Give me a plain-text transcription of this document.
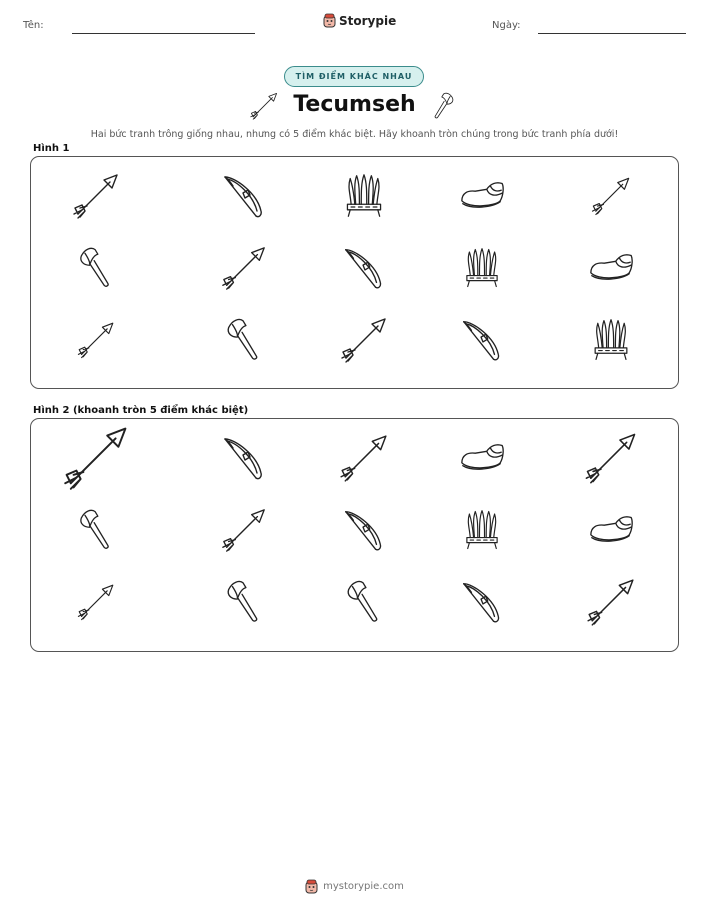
Tên:	Storypie	Ngày:
TÌM ĐIỂM KHÁC NHAU
Tecumseh
Hai bức tranh trông giống nhau, nhưng có 5 điểm khác biệt. Hãy khoanh tròn chúng trong bức tranh phía dưới!
Hình 1
Hình 2 (khoanh tròn 5 điểm khác biệt)
mystorypie.com
